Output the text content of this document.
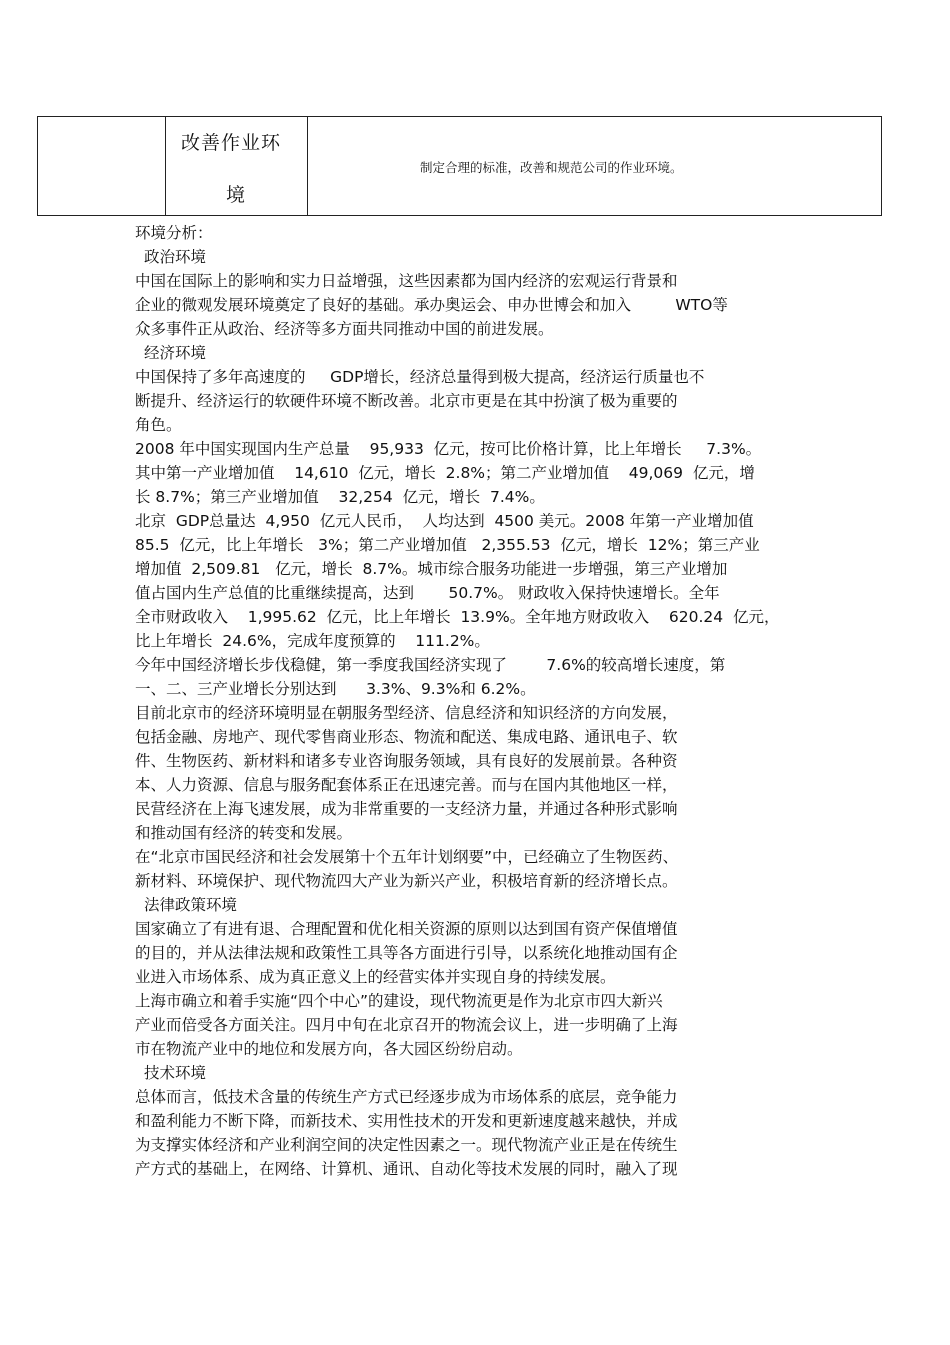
改善作业环
境
制定合理的标准，改善和规范公司的作业环境。
环境分析：
政治环境
中国在国际上的影响和实力日益增强，这些因素都为国内经济的宏观运行背景和
企业的微观发展环境奠定了良好的基础。承办奥运会、申办世博会和加入         WTO等
众多事件正从政治、经济等多方面共同推动中国的前进发展。
经济环境
中国保持了多年高速度的     GDP增长，经济总量得到极大提高，经济运行质量也不
断提升、经济运行的软硬件环境不断改善。北京市更是在其中扮演了极为重要的
角色。
2008 年中国实现国内生产总量    95,933  亿元，按可比价格计算，比上年增长     7.3%。
其中第一产业增加值    14,610  亿元，增长  2.8%；第二产业增加值    49,069  亿元，增
长 8.7%；第三产业增加值    32,254  亿元，增长  7.4%。
北京  GDP总量达  4,950  亿元人民币，  人均达到  4500 美元。2008 年第一产业增加值
85.5  亿元，比上年增长   3%；第二产业增加值   2,355.53  亿元，增长  12%；第三产业
增加值  2,509.81   亿元，增长  8.7%。城市综合服务功能进一步增强，第三产业增加
值占国内生产总值的比重继续提高，达到       50.7%。 财政收入保持快速增长。全年
全市财政收入    1,995.62  亿元，比上年增长  13.9%。全年地方财政收入    620.24  亿元，
比上年增长  24.6%，完成年度预算的    111.2%。
今年中国经济增长步伐稳健，第一季度我国经济实现了        7.6%的较高增长速度，第
一、二、三产业增长分别达到      3.3%、9.3%和 6.2%。
目前北京市的经济环境明显在朝服务型经济、信息经济和知识经济的方向发展，
包括金融、房地产、现代零售商业形态、物流和配送、集成电路、通讯电子、软
件、生物医药、新材料和诸多专业咨询服务领域，具有良好的发展前景。各种资
本、人力资源、信息与服务配套体系正在迅速完善。而与在国内其他地区一样，
民营经济在上海飞速发展，成为非常重要的一支经济力量，并通过各种形式影响
和推动国有经济的转变和发展。
在“北京市国民经济和社会发展第十个五年计划纲要”中，已经确立了生物医药、
新材料、环境保护、现代物流四大产业为新兴产业，积极培育新的经济增长点。
法律政策环境
国家确立了有进有退、合理配置和优化相关资源的原则以达到国有资产保值增值
的目的，并从法律法规和政策性工具等各方面进行引导，以系统化地推动国有企
业进入市场体系、成为真正意义上的经营实体并实现自身的持续发展。
上海市确立和着手实施“四个中心”的建设，现代物流更是作为北京市四大新兴
产业而倍受各方面关注。四月中旬在北京召开的物流会议上，进一步明确了上海
市在物流产业中的地位和发展方向，各大园区纷纷启动。
技术环境
总体而言，低技术含量的传统生产方式已经逐步成为市场体系的底层，竞争能力
和盈利能力不断下降，而新技术、实用性技术的开发和更新速度越来越快，并成
为支撑实体经济和产业利润空间的决定性因素之一。现代物流产业正是在传统生
产方式的基础上，在网络、计算机、通讯、自动化等技术发展的同时，融入了现
